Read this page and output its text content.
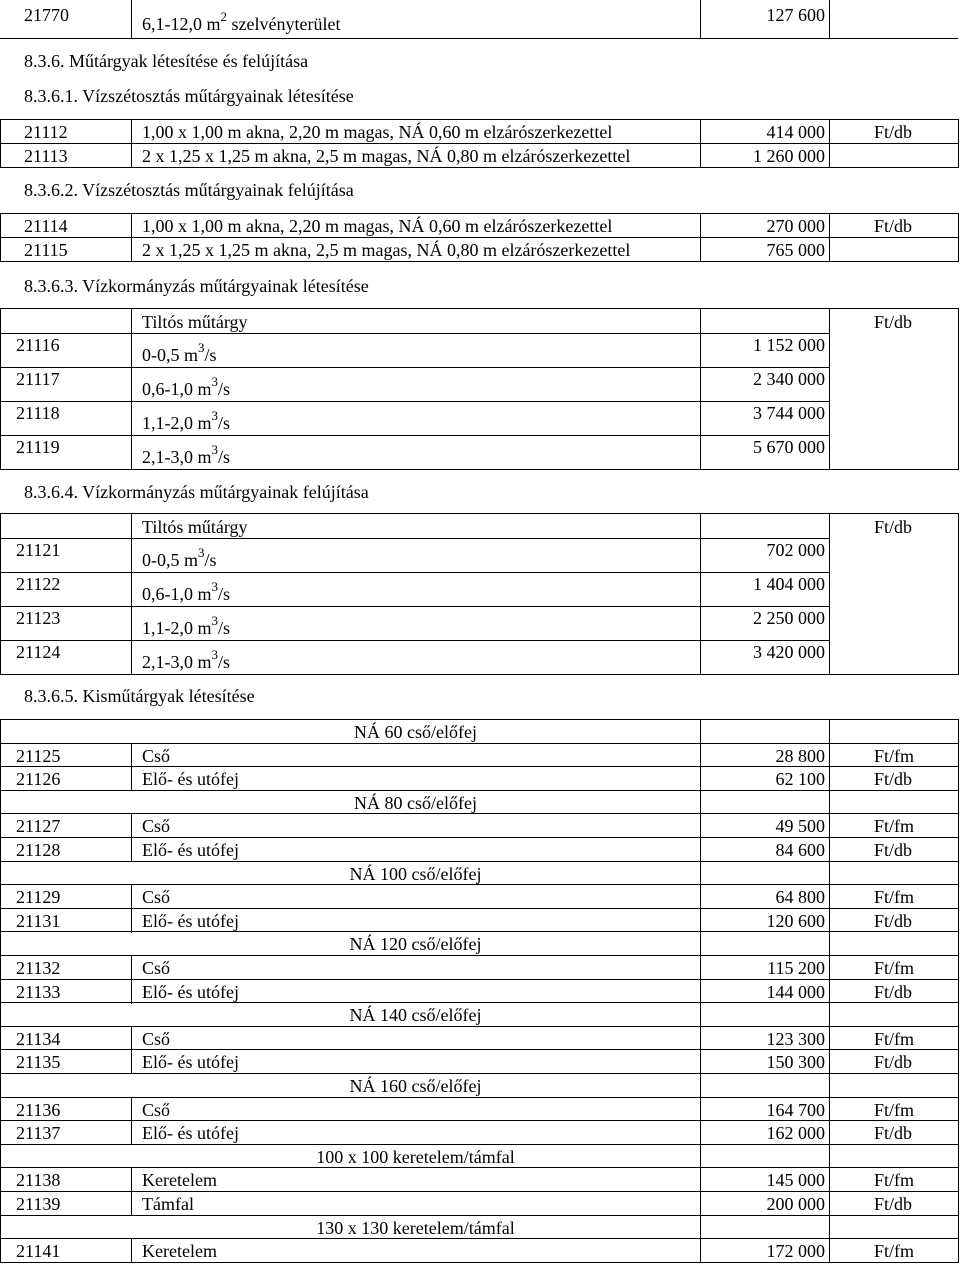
21770	6,1-12,0 $m^2$ szelvényterület	127 600
8.3.6. Műtárgyak létesítése és felújítása
8.3.6.1. Vízszétosztás műtárgyainak létesítése
21112	1,00 x 1,00 m akna, 2,20 m magas, NÁ 0,60 m elzárószerkezettel	414 000	Ft/db
21113	2 x 1,25 x 1,25 m akna, 2,5 m magas, NÁ 0,80 m elzárószerkezettel	1 260 000
21114	1,00 x 1,00 m akna, 2,20 m magas, NÁ 0,60 m elzárószerkezettel	270 000	Ft/db
21115	2 x 1,25 x 1,25 m akna, 2,5 m magas, NÁ 0,80 m elzárószerkezettel	765 000
Tiltós műtárgy	Ft/db
21116	0-0,5 $m^3/s$	1 152 000
21117	0,6-1,0 $m^3/s$	2 340 000
21118	1,1-2,0 $m^3/s$	3 744 000
21119	2,1-3,0 $m^3/s$	5 670 000
Tiltós műtárgy	Ft/db
21121	0-0,5 $m^3/s$	702 000
21122	0,6-1,0 $m^3/s$	1 404 000
21123	1,1-2,0 $m^3/s$	2 250 000
21124	2,1-3,0 $m^3/s$	3 420 000
NÁ 60 cső/előfej
21125	Cső	28 800	Ft/fm
21126	Elő- és utófej	62 100	Ft/db
NÁ 80 cső/előfej
21127	Cső	49 500	Ft/fm
21128	Elő- és utófej	84 600	Ft/db
NÁ 100 cső/előfej
21129	Cső	64 800	Ft/fm
21131	Elő- és utófej	120 600	Ft/db
NÁ 120 cső/előfej
21132	Cső	115 200	Ft/fm
21133	Elő- és utófej	144 000	Ft/db
NÁ 140 cső/előfej
21134	Cső	123 300	Ft/fm
21135	Elő- és utófej	150 300	Ft/db
NÁ 160 cső/előfej
21136	Cső	164 700	Ft/fm
21137	Elő- és utófej	162 000	Ft/db
100 x 100 keretelem/támfal
21138	Keretelem	145 000	Ft/fm
21139	Támfal	200 000	Ft/db
130 x 130 keretelem/támfal
21141	Keretelem	172 000	Ft/fm
8.3.6.2. Vízszétosztás műtárgyainak felújítása
8.3.6.3. Vízkormányzás műtárgyainak létesítése
8.3.6.4. Vízkormányzás műtárgyainak felújítása
8.3.6.5. Kisműtárgyak létesítése
